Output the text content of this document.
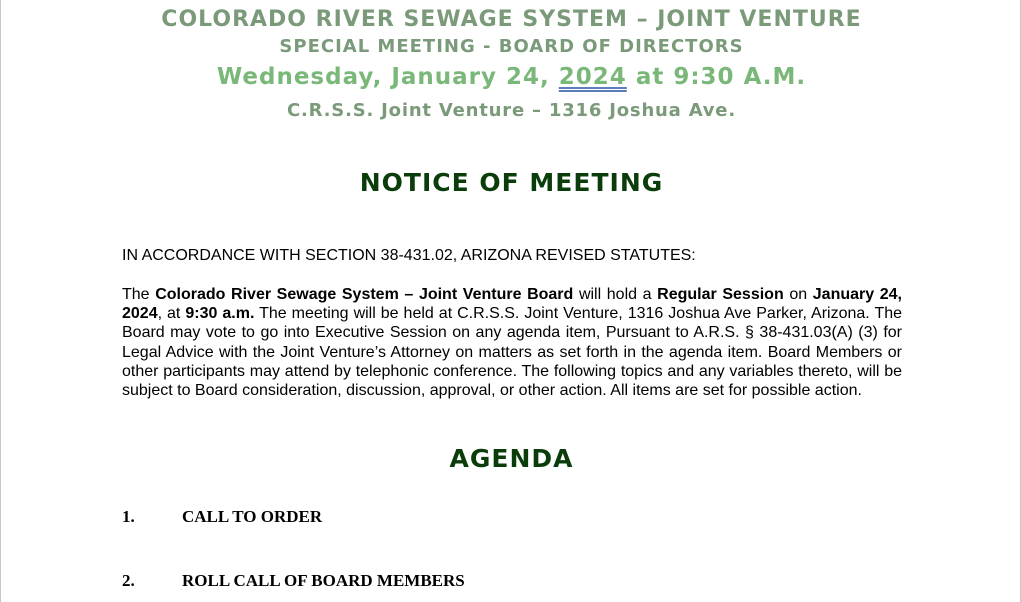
COLORADO RIVER SEWAGE SYSTEM – JOINT VENTURE
SPECIAL MEETING - BOARD OF DIRECTORS
Wednesday, January 24, 2024 at 9:30 A.M.
C.R.S.S. Joint Venture – 1316 Joshua Ave.
NOTICE OF MEETING
IN ACCORDANCE WITH SECTION 38-431.02, ARIZONA REVISED STATUTES:

The Colorado River Sewage System – Joint Venture Board will hold a Regular Session on January 24, 2024, at 9:30 a.m. The meeting will be held at C.R.S.S. Joint Venture, 1316 Joshua Ave Parker, Arizona. The Board may vote to go into Executive Session on any agenda item, Pursuant to A.R.S. § 38-431.03(A) (3) for Legal Advice with the Joint Venture’s Attorney on matters as set forth in the agenda item. Board Members or other participants may attend by telephonic conference. The following topics and any variables thereto, will be subject to Board consideration, discussion, approval, or other action. All items are set for possible action.

AGENDA
1.	CALL TO ORDER
2.	ROLL CALL OF BOARD MEMBERS
